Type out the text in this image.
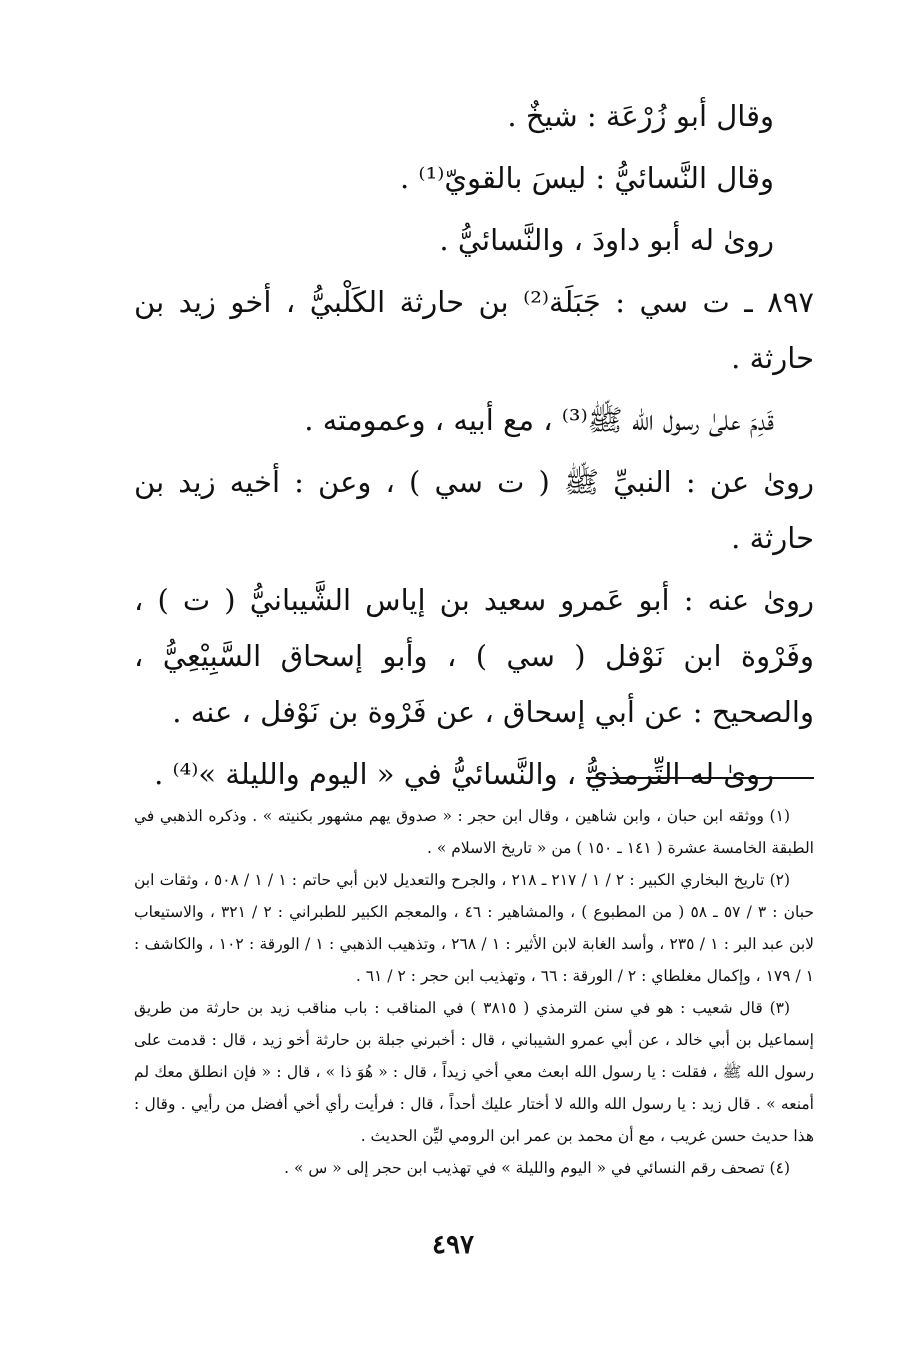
وقال أبو زُرْعَة : شيخٌ .

وقال النَّسائيُّ : ليسَ بالقويّ⁽¹⁾ .

روىٰ له أبو داودَ ، والنَّسائيُّ .

٨٩٧ ـ ت سي : جَبَلَة⁽²⁾ بن حارثة الكَلْبيُّ ، أخو زيد بن حارثة .

قَدِمَ علىٰ رسول الله ﷺ⁽³⁾ ، مع أبيه ، وعمومته .

روىٰ عن : النبيِّ ﷺ ( ت سي ) ، وعن : أخيه زيد بن حارثة .

روىٰ عنه : أبو عَمرو سعيد بن إياس الشَّيبانيُّ ( ت ) ، وفَرْوة ابن نَوْفل ( سي ) ، وأبو إسحاق السَّبِيْعِيُّ ، والصحيح : عن أبي إسحاق ، عن فَرْوة بن نَوْفل ، عنه .

روىٰ له التِّرمذيُّ ، والنَّسائيُّ في « اليوم والليلة »⁽⁴⁾ .

(١) ووثقه ابن حبان ، وابن شاهين ، وقال ابن حجر : « صدوق يهم مشهور بكنيته » . وذكره الذهبي في الطبقة الخامسة عشرة ( ١٤١ ـ ١٥٠ ) من « تاريخ الاسلام » .

(٢) تاريخ البخاري الكبير : ٢ / ١ / ٢١٧ ـ ٢١٨ ، والجرح والتعديل لابن أبي حاتم : ١ / ١ / ٥٠٨ ، وثقات ابن حبان : ٣ / ٥٧ ـ ٥٨ ( من المطبوع ) ، والمشاهير : ٤٦ ، والمعجم الكبير للطبراني : ٢ / ٣٢١ ، والاستيعاب لابن عبد البر : ١ / ٢٣٥ ، وأسد الغابة لابن الأثير : ١ / ٢٦٨ ، وتذهيب الذهبي : ١ / الورقة : ١٠٢ ، والكاشف : ١ / ١٧٩ ، وإكمال مغلطاي : ٢ / الورقة : ٦٦ ، وتهذيب ابن حجر : ٢ / ٦١ .

(٣) قال شعيب : هو في سنن الترمذي ( ٣٨١٥ ) في المناقب : باب مناقب زيد بن حارثة من طريق إسماعيل بن أبي خالد ، عن أبي عمرو الشيباني ، قال : أخبرني جبلة بن حارثة أخو زيد ، قال : قدمت على رسول الله ﷺ ، فقلت : يا رسول الله ابعث معي أخي زيداً ، قال : « هُوَ ذا » ، قال : « فإن انطلق معك لم أمنعه » . قال زيد : يا رسول الله والله لا أختار عليك أحداً ، قال : فرأيت رأي أخي أفضل من رأيي . وقال : هذا حديث حسن غريب ، مع أن محمد بن عمر ابن الرومي ليِّن الحديث .

(٤) تصحف رقم النسائي في « اليوم والليلة » في تهذيب ابن حجر إلى « س » .

٤٩٧
